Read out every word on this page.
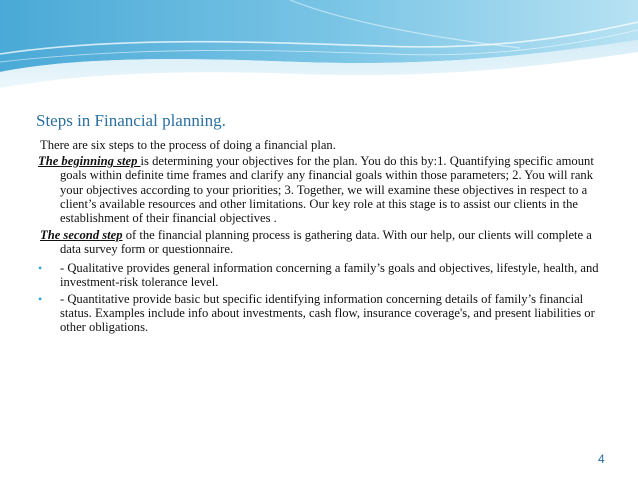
Steps in Financial planning.

There are six steps to the process of doing a financial plan.

The beginning step is determining your objectives for the plan. You do this by:1. Quantifying specific amount goals within definite time frames and clarify any financial goals within those parameters; 2. You will rank your objectives according to your priorities; 3. Together, we will examine these objectives in respect to a client’s available resources and other limitations. Our key role at this stage is to assist our clients in the establishment of their financial objectives .

The second step of the financial planning process is gathering data. With our help, our clients will complete a data survey form or questionnaire.

• - Qualitative provides general information concerning a family’s goals and objectives, lifestyle, health, and investment-risk tolerance level.
• - Quantitative provide basic but specific identifying information concerning details of family’s financial status. Examples include info about investments, cash flow, insurance coverage's, and present liabilities or other obligations.
4
